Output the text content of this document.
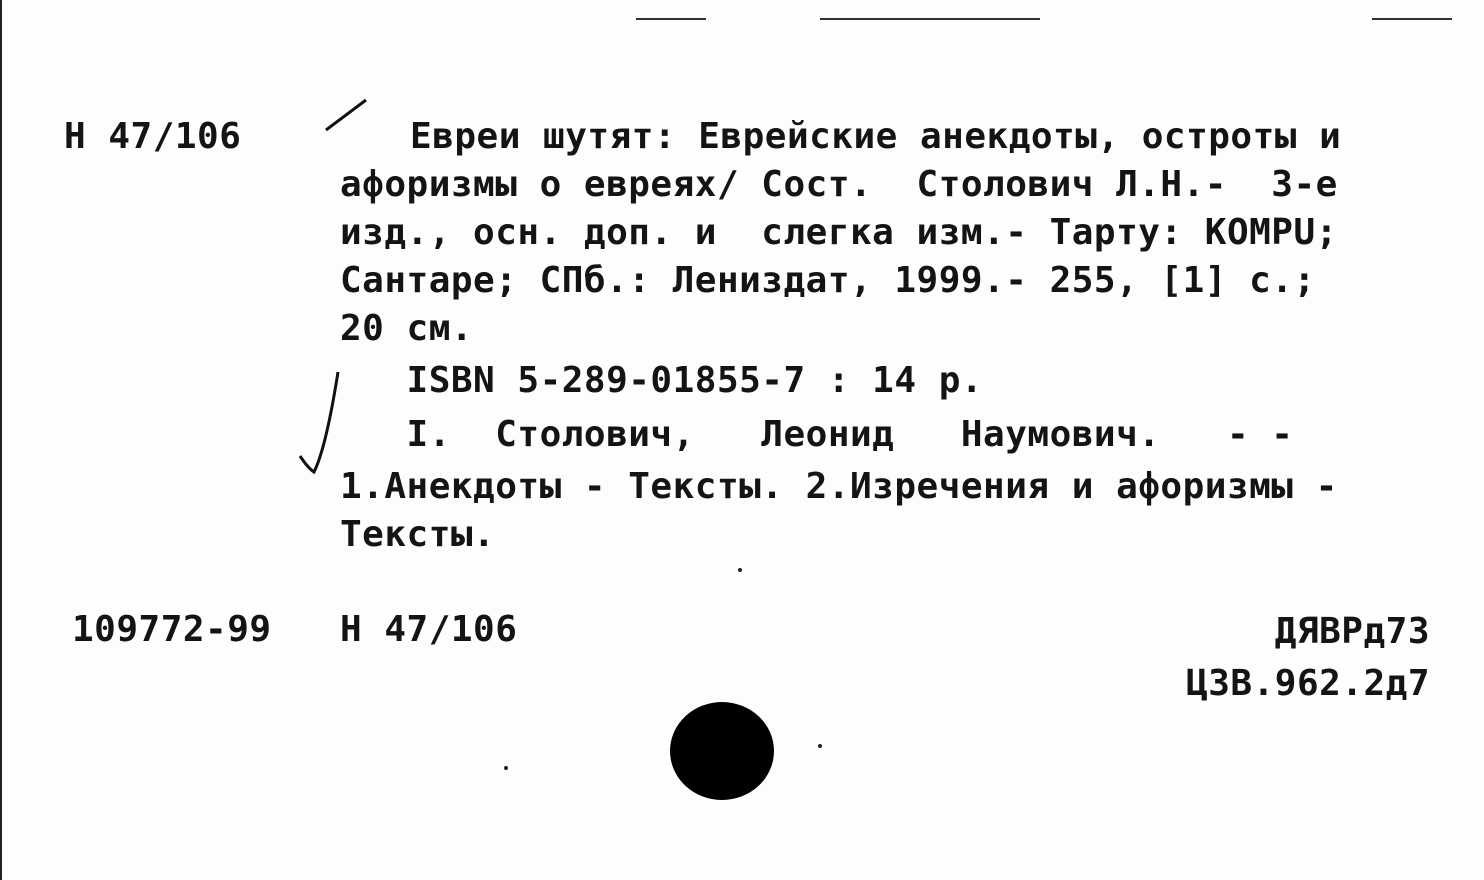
Н 47/106	Евреи шутят: Еврейские анекдоты, остроты и
афоризмы о евреях/ Сост.  Столович Л.Н.-  3-е
изд., осн. доп. и  слегка изм.- Тарту: KOMPU;
Сантаре; СПб.: Лениздат, 1999.- 255, [1] с.;
20 см.
ISBN 5-289-01855-7 : 14 р.
I.  Столович,   Леонид   Наумович.   - -
1.Анекдоты - Тексты. 2.Изречения и афоризмы -
Тексты.
109772-99 Н 47/106	ДЯВРд73
ЦЗВ.962.2д7
